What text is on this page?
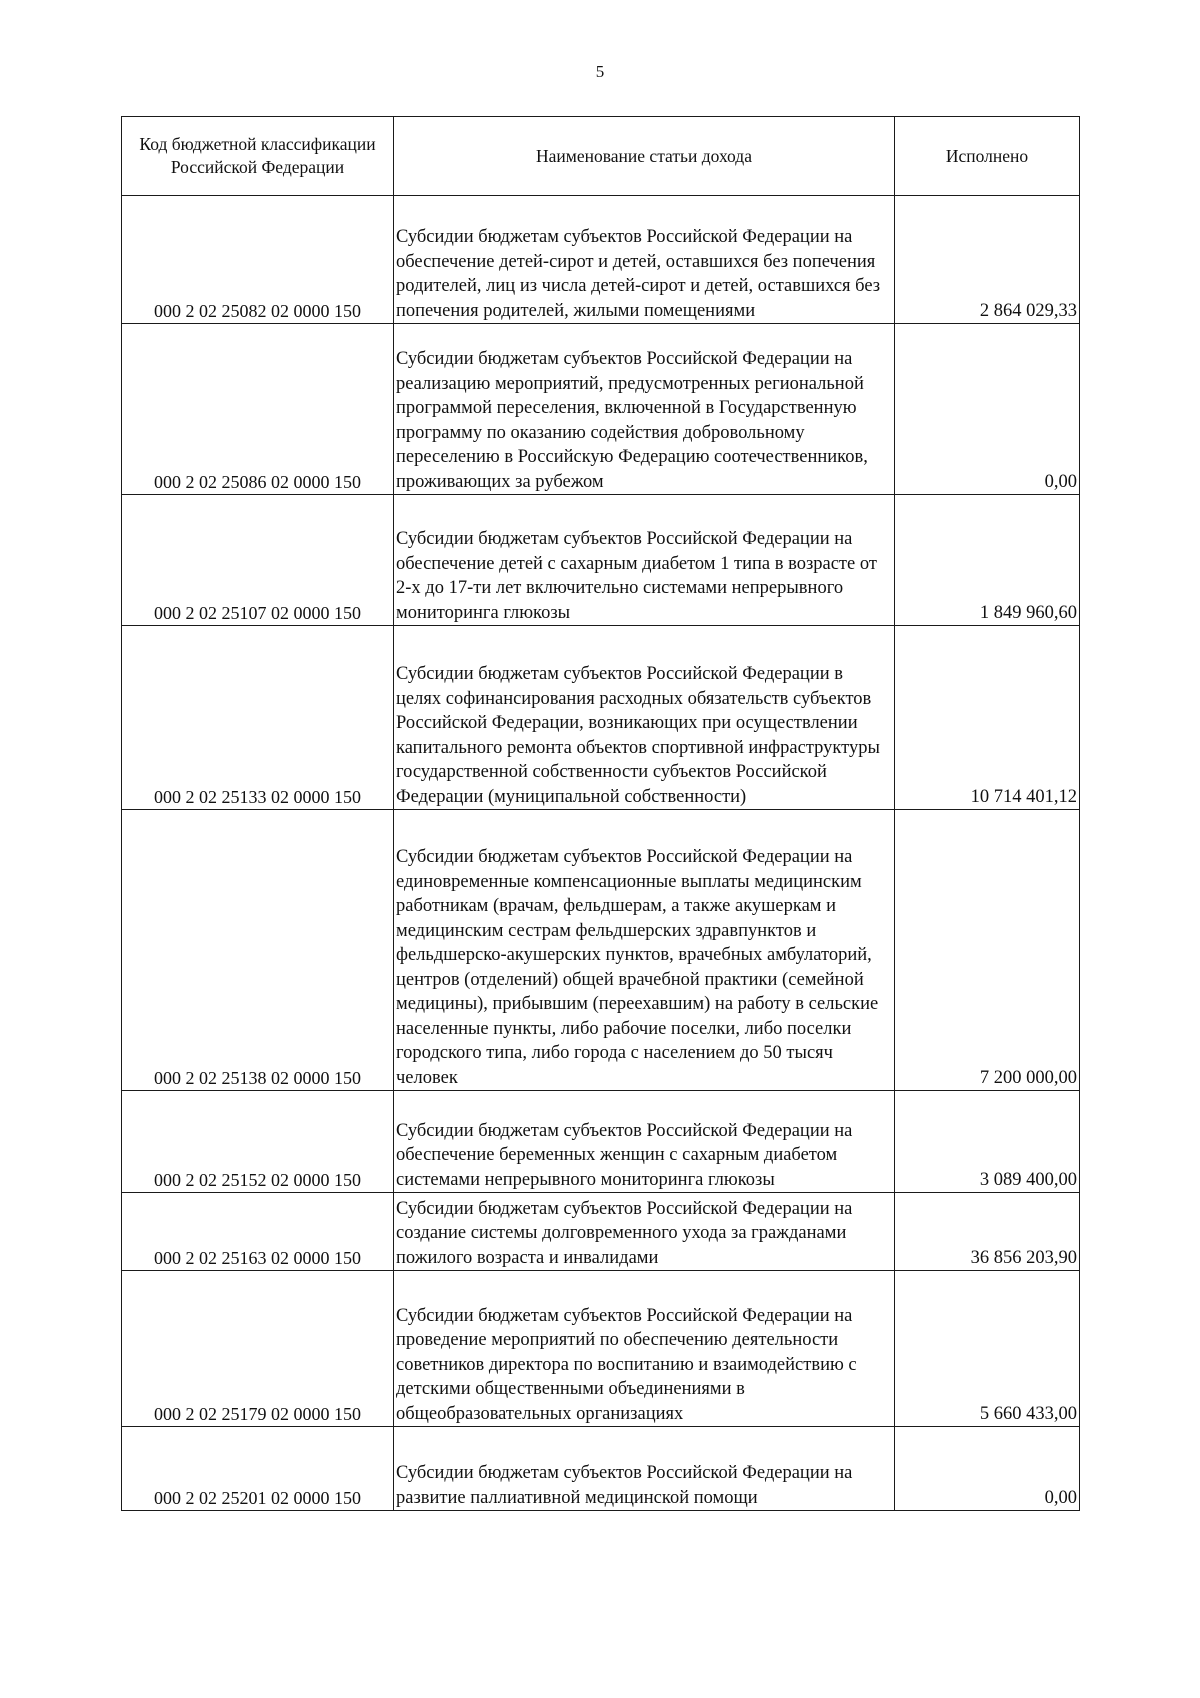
5
Код бюджетной классификации Российской Федерации	Наименование статьи дохода	Исполнено
000 2 02 25082 02 0000 150	Субсидии бюджетам субъектов Российской Федерации на обеспечение детей-сирот и детей, оставшихся без попечения родителей, лиц из числа детей-сирот и детей, оставшихся без попечения родителей, жилыми помещениями	2 864 029,33
000 2 02 25086 02 0000 150	Субсидии бюджетам субъектов Российской Федерации на реализацию мероприятий, предусмотренных региональной программой переселения, включенной в Государственную программу по оказанию содействия добровольному переселению в Российскую Федерацию соотечественников, проживающих за рубежом	0,00
000 2 02 25107 02 0000 150	Субсидии бюджетам субъектов Российской Федерации на обеспечение детей с сахарным диабетом 1 типа в возрасте от 2-х до 17-ти лет включительно системами непрерывного мониторинга глюкозы	1 849 960,60
000 2 02 25133 02 0000 150	Субсидии бюджетам субъектов Российской Федерации в целях софинансирования расходных обязательств субъектов Российской Федерации, возникающих при осуществлении капитального ремонта объектов спортивной инфраструктуры государственной собственности субъектов Российской Федерации (муниципальной собственности)	10 714 401,12
000 2 02 25138 02 0000 150	Субсидии бюджетам субъектов Российской Федерации на единовременные компенсационные выплаты медицинским работникам (врачам, фельдшерам, а также акушеркам и медицинским сестрам фельдшерских здравпунктов и фельдшерско-акушерских пунктов, врачебных амбулаторий, центров (отделений) общей врачебной практики (семейной медицины), прибывшим (переехавшим) на работу в сельские населенные пункты, либо рабочие поселки, либо поселки городского типа, либо города с населением до 50 тысяч человек	7 200 000,00
000 2 02 25152 02 0000 150	Субсидии бюджетам субъектов Российской Федерации на обеспечение беременных женщин с сахарным диабетом системами непрерывного мониторинга глюкозы	3 089 400,00
000 2 02 25163 02 0000 150	Субсидии бюджетам субъектов Российской Федерации на создание системы долговременного ухода за гражданами пожилого возраста и инвалидами	36 856 203,90
000 2 02 25179 02 0000 150	Субсидии бюджетам субъектов Российской Федерации на проведение мероприятий по обеспечению деятельности советников директора по воспитанию и взаимодействию с детскими общественными объединениями в общеобразовательных организациях	5 660 433,00
000 2 02 25201 02 0000 150	Субсидии бюджетам субъектов Российской Федерации на развитие паллиативной медицинской помощи	0,00
